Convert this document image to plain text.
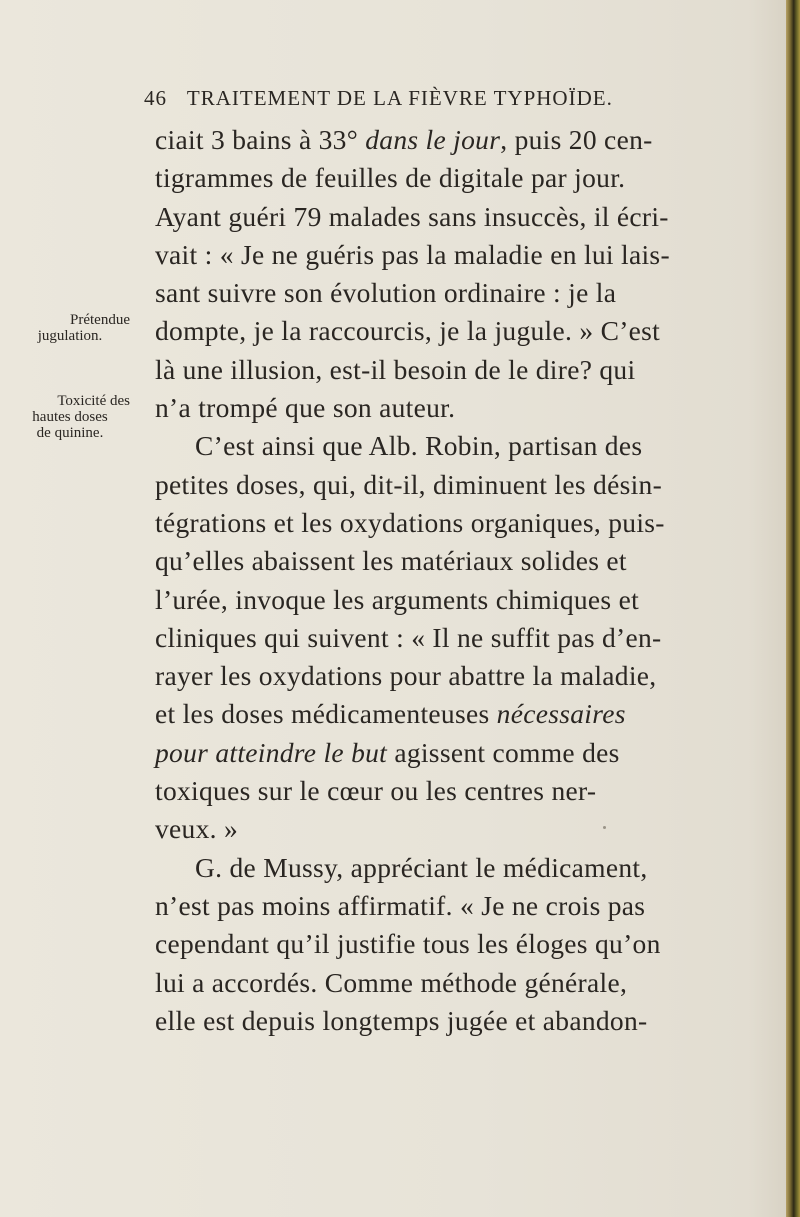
46 TRAITEMENT DE LA FIÈVRE TYPHOÏDE.
Prétendue
jugulation.
Toxicité des
hautes doses
de quinine.
ciait 3 bains à 33° dans le jour, puis 20 cen-
tigrammes de feuilles de digitale par jour.
Ayant guéri 79 malades sans insuccès, il écri-
vait : « Je ne guéris pas la maladie en lui lais-
sant suivre son évolution ordinaire : je la
dompte, je la raccourcis, je la jugule. » C’est
là une illusion, est-il besoin de le dire? qui
n’a trompé que son auteur.
C’est ainsi que Alb. Robin, partisan des
petites doses, qui, dit-il, diminuent les désin-
tégrations et les oxydations organiques, puis-
qu’elles abaissent les matériaux solides et
l’urée, invoque les arguments chimiques et
cliniques qui suivent : « Il ne suffit pas d’en-
rayer les oxydations pour abattre la maladie,
et les doses médicamenteuses nécessaires
pour atteindre le but agissent comme des
toxiques sur le cœur ou les centres ner-
veux. »
G. de Mussy, appréciant le médicament,
n’est pas moins affirmatif. « Je ne crois pas
cependant qu’il justifie tous les éloges qu’on
lui a accordés. Comme méthode générale,
elle est depuis longtemps jugée et abandon-
